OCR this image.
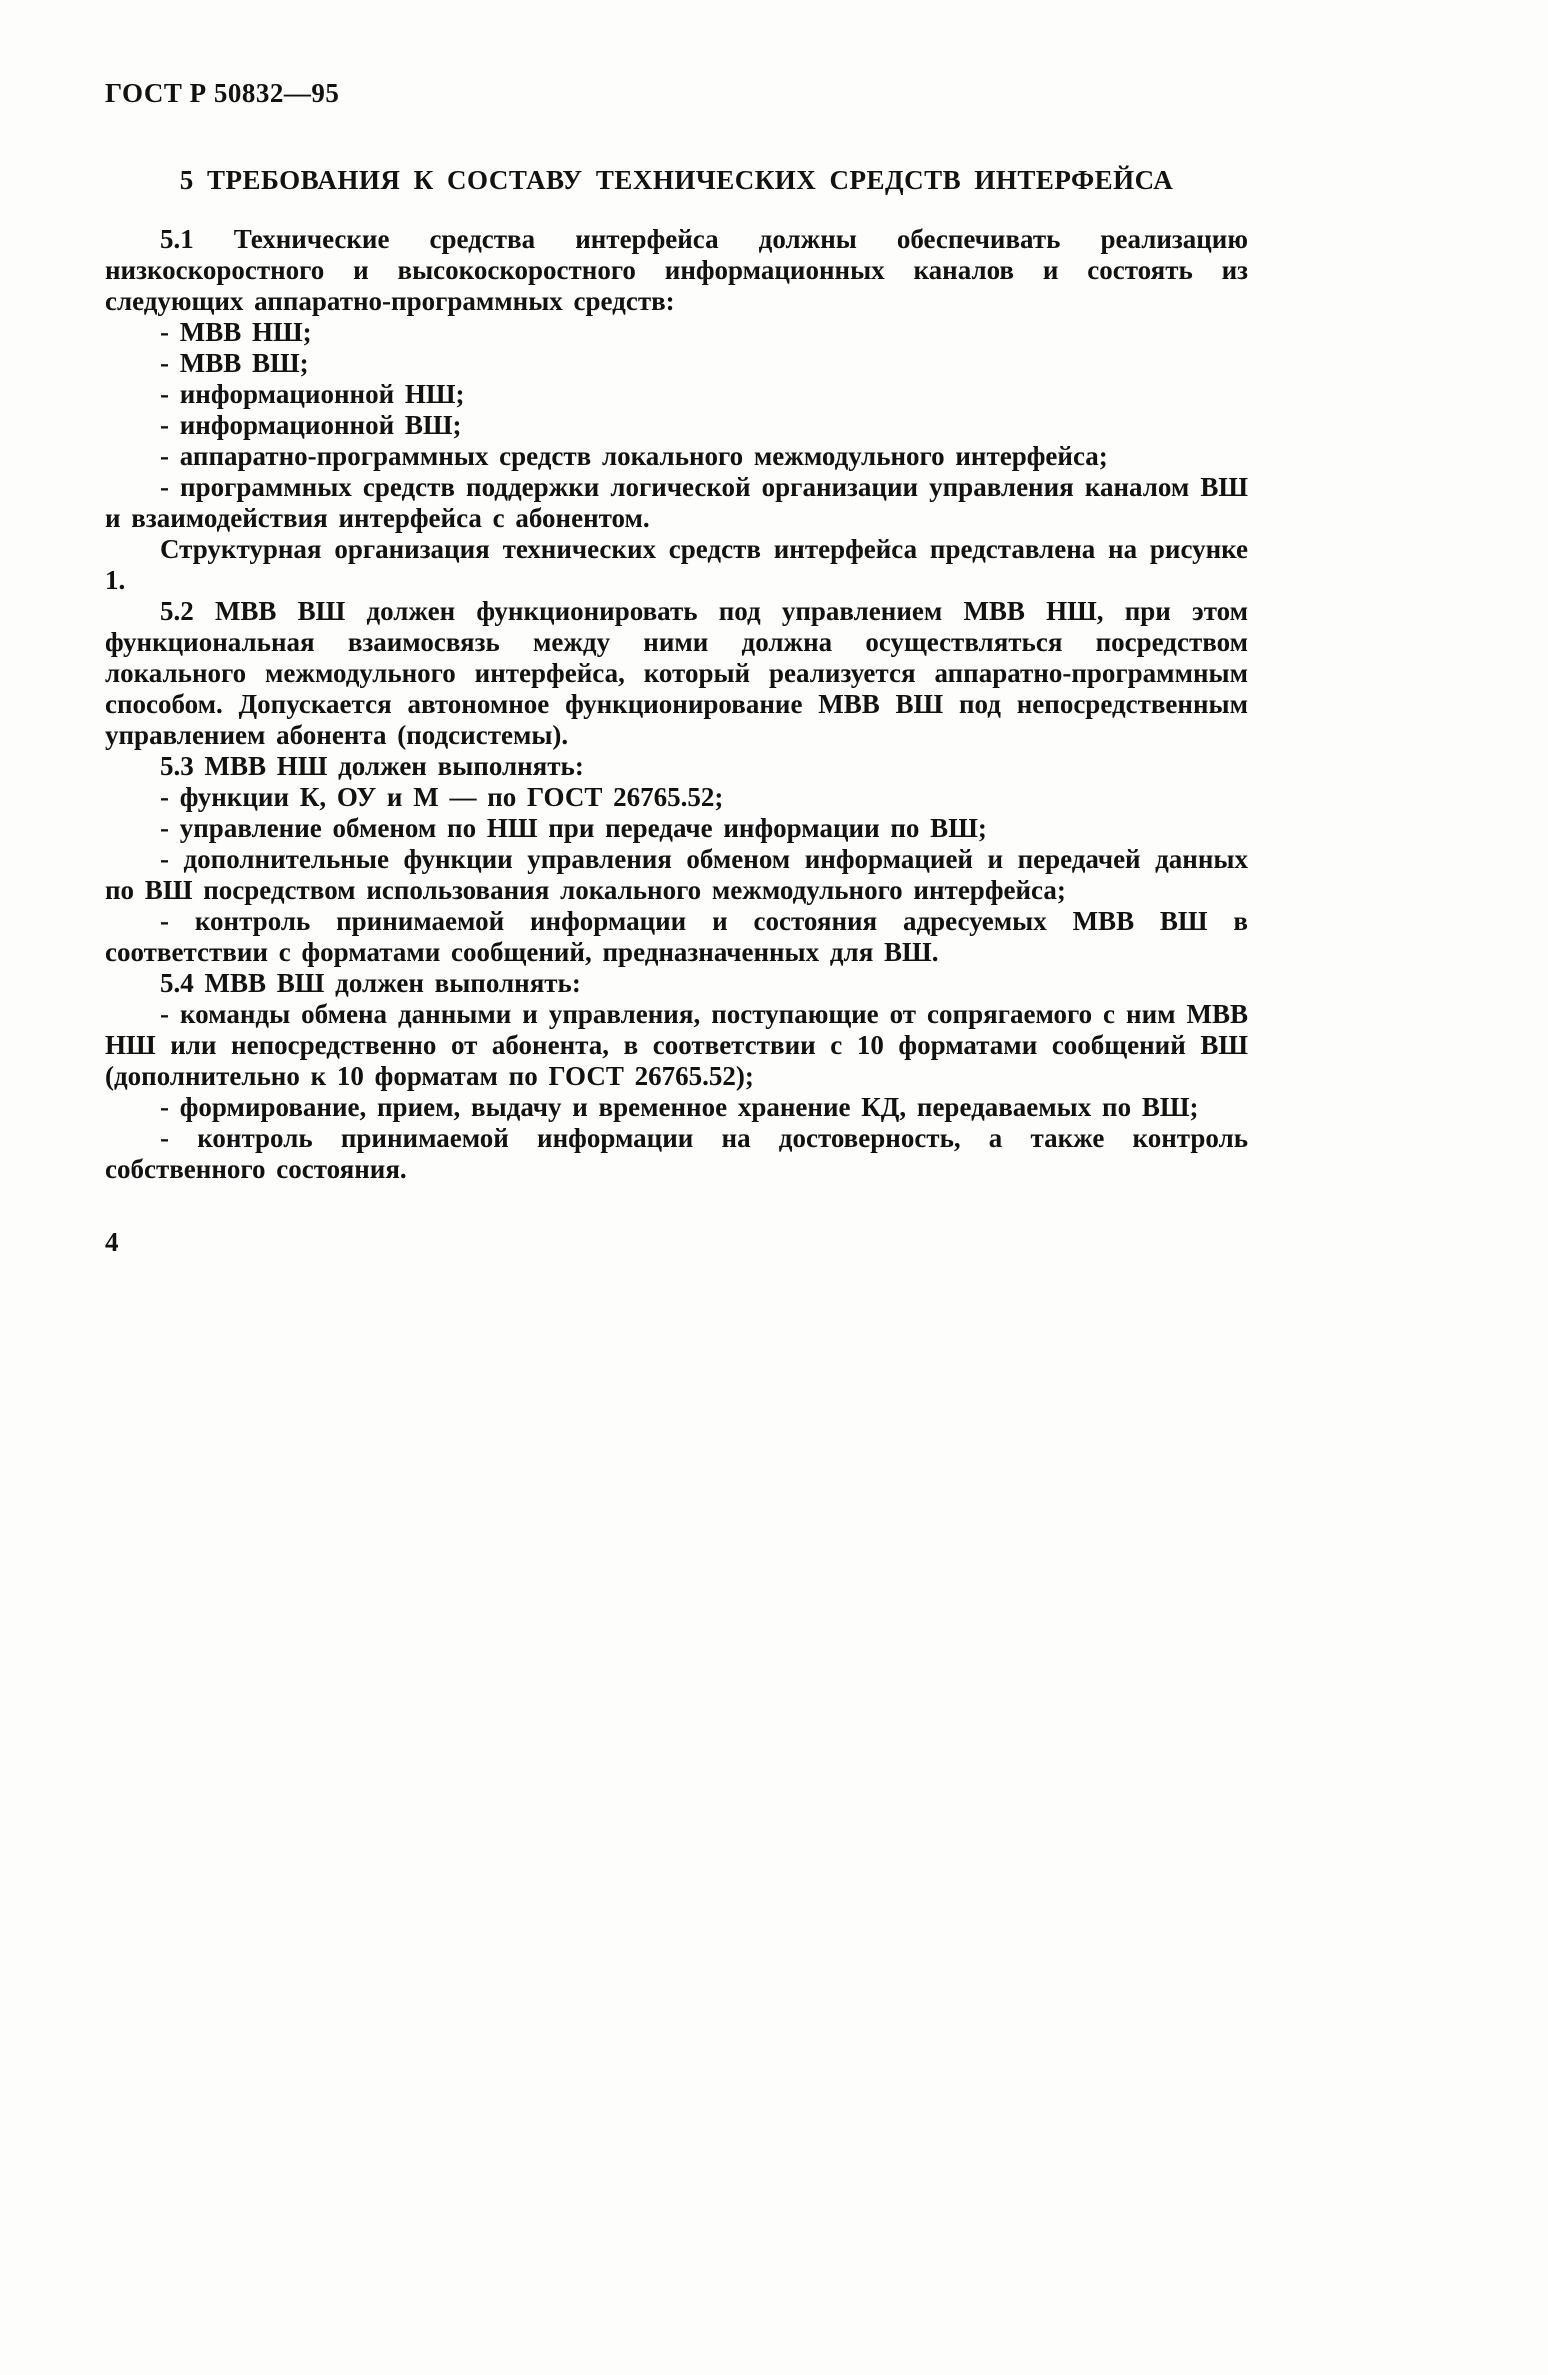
ГОСТ Р 50832—95
5 ТРЕБОВАНИЯ К СОСТАВУ ТЕХНИЧЕСКИХ СРЕДСТВ ИНТЕРФЕЙСА

5.1 Технические средства интерфейса должны обеспечивать реализацию низкоскоростного и высокоскоростного информационных каналов и состоять из следующих аппаратно-программных средств:

- МВВ НШ;

- МВВ ВШ;

- информационной НШ;

- информационной ВШ;

- аппаратно-программных средств локального межмодульного интерфейса;

- программных средств поддержки логической организации управления каналом ВШ и взаимодействия интерфейса с абонентом.

Структурная организация технических средств интерфейса представлена на рисунке 1.

5.2 МВВ ВШ должен функционировать под управлением МВВ НШ, при этом функциональная взаимосвязь между ними должна осуществляться посредством локального межмодульного интерфейса, который реализуется аппаратно-программным способом. Допускается автономное функционирование МВВ ВШ под непосредственным управлением абонента (подсистемы).

5.3 МВВ НШ должен выполнять:

- функции К, ОУ и М — по ГОСТ 26765.52;

- управление обменом по НШ при передаче информации по ВШ;

- дополнительные функции управления обменом информацией и передачей данных по ВШ посредством использования локального межмодульного интерфейса;

- контроль принимаемой информации и состояния адресуемых МВВ ВШ в соответствии с форматами сообщений, предназначенных для ВШ.

5.4 МВВ ВШ должен выполнять:

- команды обмена данными и управления, поступающие от сопрягаемого с ним МВВ НШ или непосредственно от абонента, в соответствии с 10 форматами сообщений ВШ (дополнительно к 10 форматам по ГОСТ 26765.52);

- формирование, прием, выдачу и временное хранение КД, передаваемых по ВШ;

- контроль принимаемой информации на достоверность, а также контроль собственного состояния.

4
